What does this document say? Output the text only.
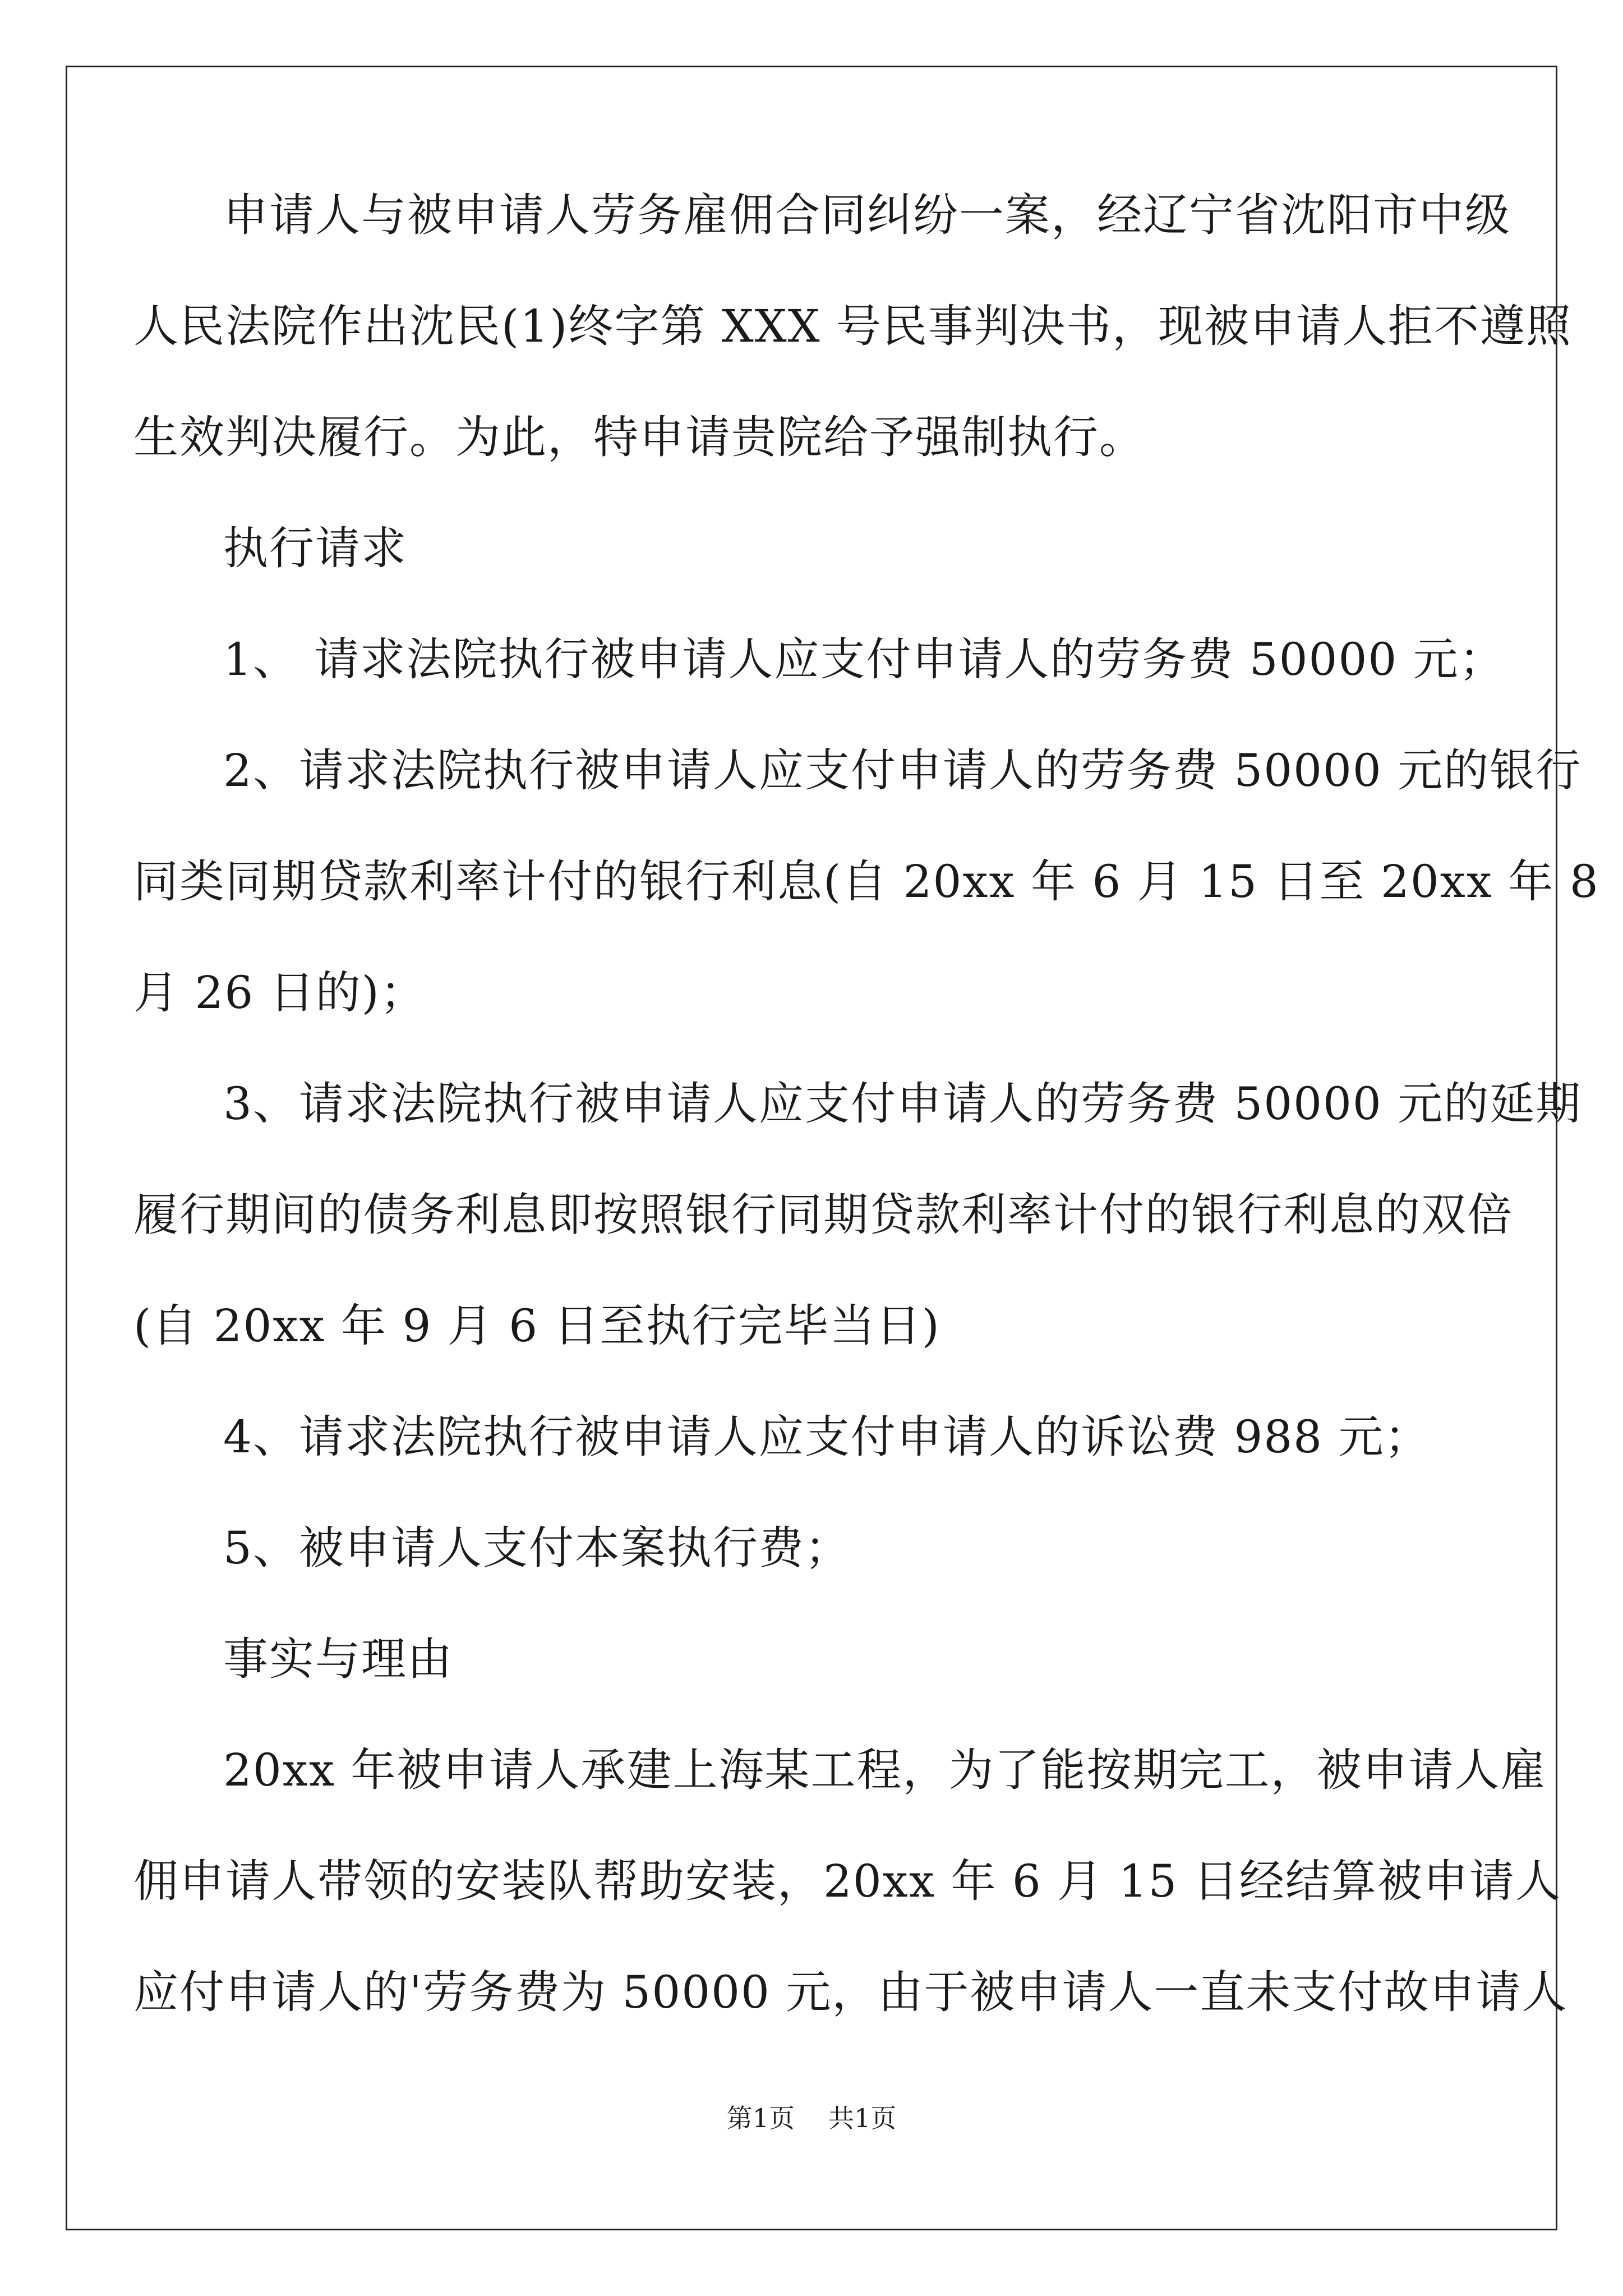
申请人与被申请人劳务雇佣合同纠纷一案，经辽宁省沈阳市中级
人民法院作出沈民(1)终字第 XXX 号民事判决书，现被申请人拒不遵照
生效判决履行。为此，特申请贵院给予强制执行。
执行请求
1、 请求法院执行被申请人应支付申请人的劳务费 50000 元；
2、请求法院执行被申请人应支付申请人的劳务费 50000 元的银行
同类同期贷款利率计付的银行利息(自 20xx 年 6 月 15 日至 20xx 年 8
月 26 日的)；
3、请求法院执行被申请人应支付申请人的劳务费 50000 元的延期
履行期间的债务利息即按照银行同期贷款利率计付的银行利息的双倍
(自 20xx 年 9 月 6 日至执行完毕当日)
4、请求法院执行被申请人应支付申请人的诉讼费 988 元；
5、被申请人支付本案执行费；
事实与理由
20xx 年被申请人承建上海某工程，为了能按期完工，被申请人雇
佣申请人带领的安装队帮助安装，20xx 年 6 月 15 日经结算被申请人
应付申请人的'劳务费为 50000 元，由于被申请人一直未支付故申请人
第1页 共1页
